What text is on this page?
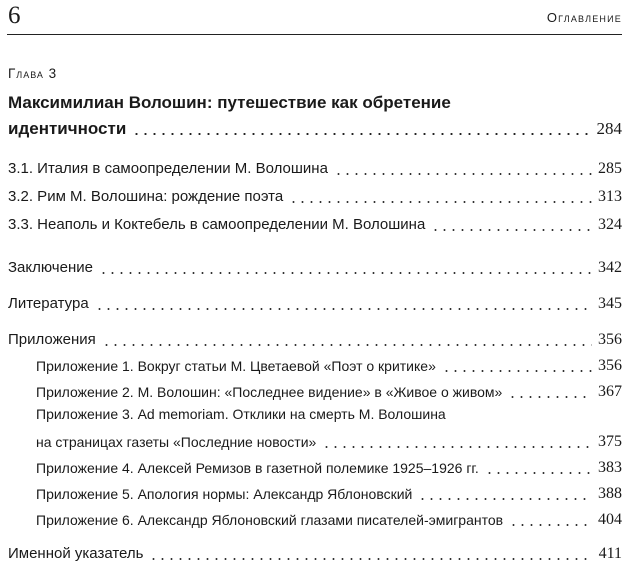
6	Оглавление
Глава 3
Максимилиан Волошин: путешествие как обретение
идентичности	284
3.1. Италия в самоопределении М. Волошина	285
3.2. Рим М. Волошина: рождение поэта	313
3.3. Неаполь и Коктебель в самоопределении М. Волошина	324
Заключение	342
Литература	345
Приложения	356
Приложение 1. Вокруг статьи М. Цветаевой «Поэт о критике»	356
Приложение 2. М. Волошин: «Последнее видение» в «Живое о живом»	367
Приложение 3. Ad memoriam. Отклики на смерть М. Волошина
на страницах газеты «Последние новости»	375
Приложение 4. Алексей Ремизов в газетной полемике 1925–1926 гг.	383
Приложение 5. Апология нормы: Александр Яблоновский	388
Приложение 6. Александр Яблоновский глазами писателей-эмигрантов	404
Именной указатель	411
